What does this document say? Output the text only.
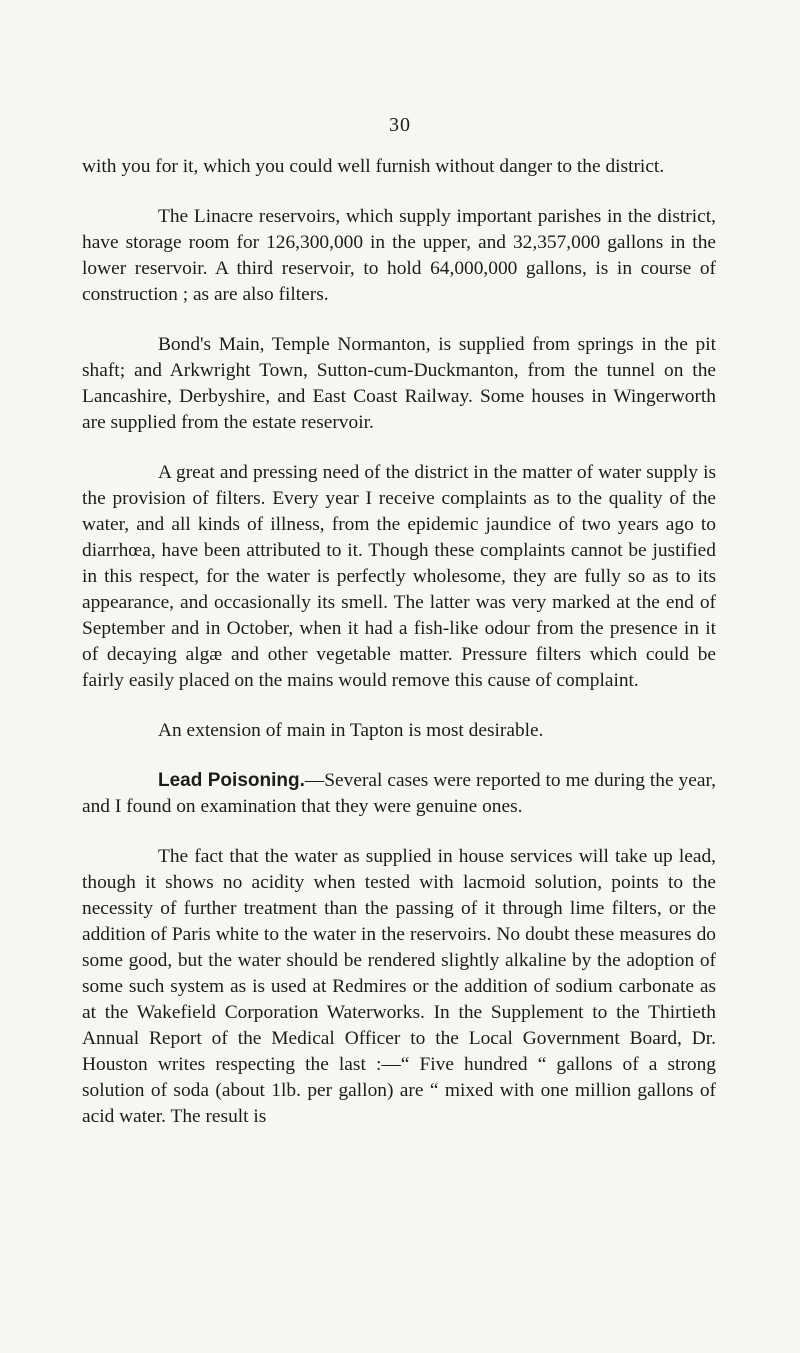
30

with you for it, which you could well furnish without danger to the district.

The Linacre reservoirs, which supply important parishes in the district, have storage room for 126,300,000 in the upper, and 32,357,000 gallons in the lower reservoir. A third reservoir, to hold 64,000,000 gallons, is in course of construction ; as are also filters.

Bond's Main, Temple Normanton, is supplied from springs in the pit shaft; and Arkwright Town, Sutton-cum-Duckmanton, from the tunnel on the Lancashire, Derbyshire, and East Coast Railway. Some houses in Wingerworth are supplied from the estate reservoir.

A great and pressing need of the district in the matter of water supply is the provision of filters. Every year I receive complaints as to the quality of the water, and all kinds of illness, from the epidemic jaundice of two years ago to diarrhœa, have been attributed to it. Though these complaints cannot be justified in this respect, for the water is perfectly wholesome, they are fully so as to its appearance, and occasionally its smell. The latter was very marked at the end of September and in October, when it had a fish-like odour from the presence in it of decaying algæ and other vegetable matter. Pressure filters which could be fairly easily placed on the mains would remove this cause of complaint.

An extension of main in Tapton is most desirable.

Lead Poisoning.—Several cases were reported to me during the year, and I found on examination that they were genuine ones.

The fact that the water as supplied in house services will take up lead, though it shows no acidity when tested with lacmoid solution, points to the necessity of further treatment than the passing of it through lime filters, or the addition of Paris white to the water in the reservoirs. No doubt these measures do some good, but the water should be rendered slightly alkaline by the adoption of some such system as is used at Redmires or the addition of sodium carbonate as at the Wakefield Corporation Waterworks. In the Supplement to the Thirtieth Annual Report of the Medical Officer to the Local Government Board, Dr. Houston writes respecting the last :—“ Five hundred “ gallons of a strong solution of soda (about 1lb. per gallon) are “ mixed with one million gallons of acid water. The result is
